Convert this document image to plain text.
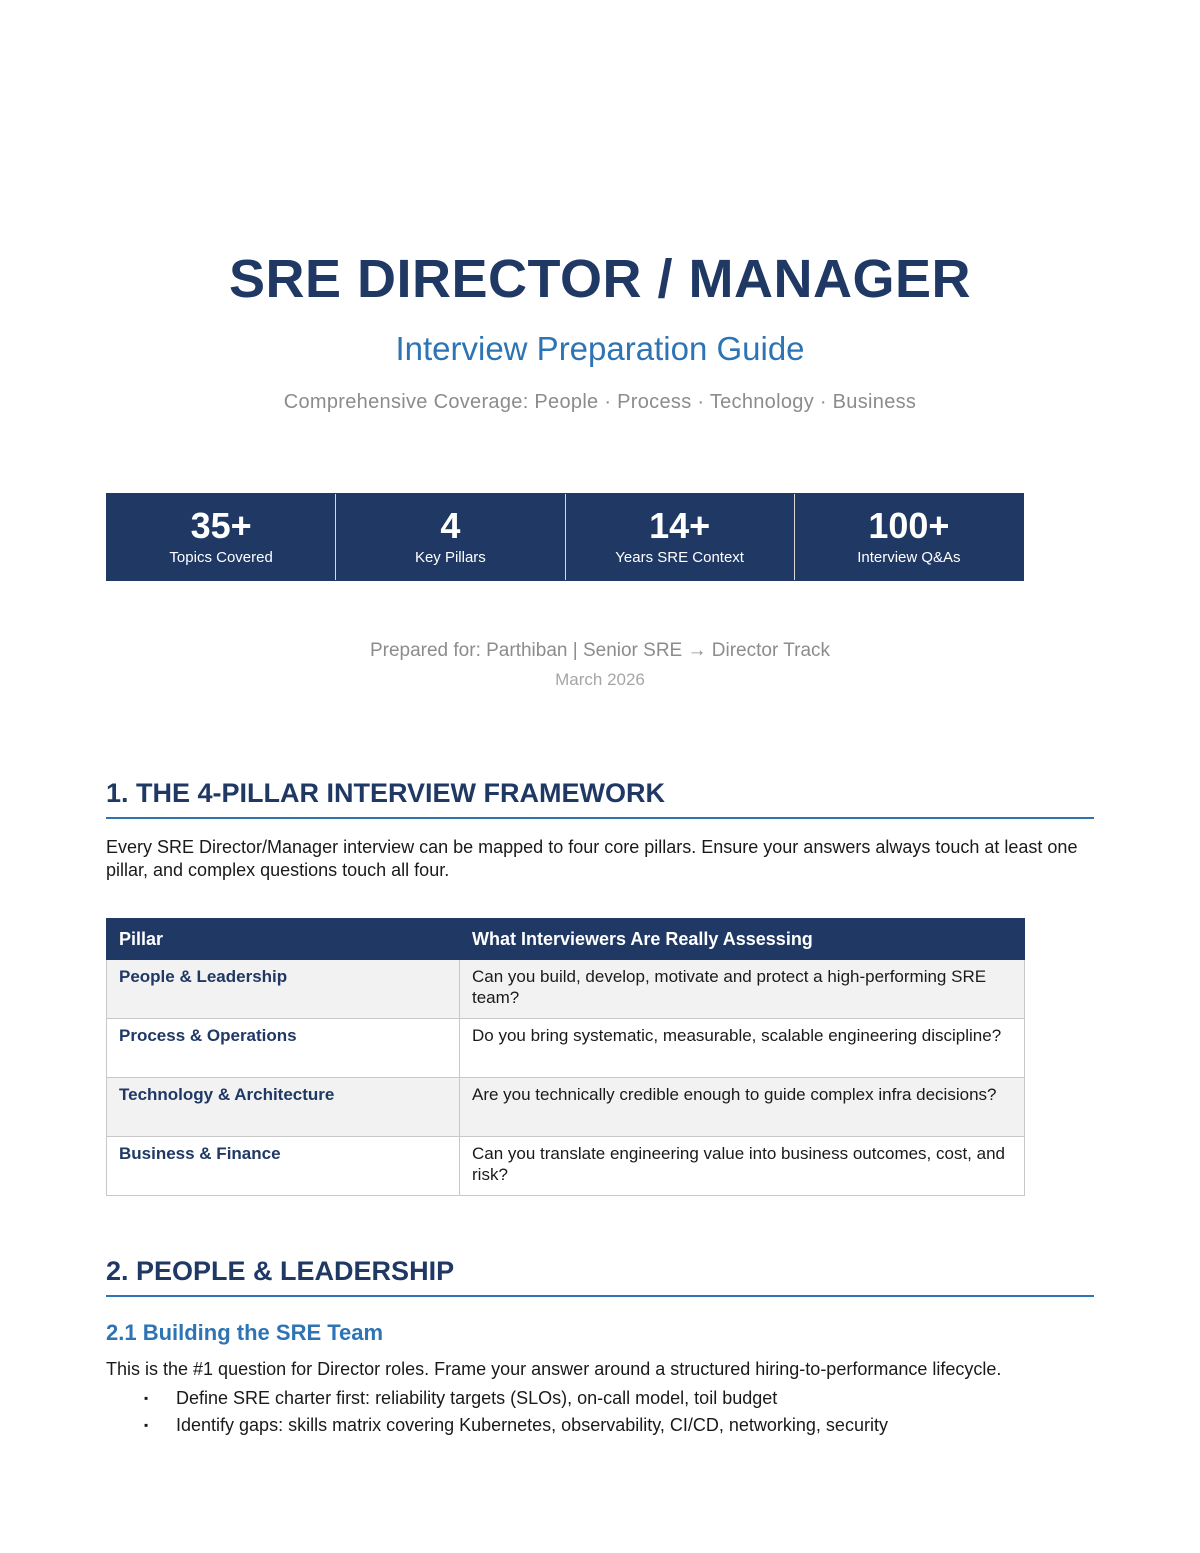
SRE DIRECTOR / MANAGER
Interview Preparation Guide
Comprehensive Coverage: People · Process · Technology · Business
35+
Topics Covered
4
Key Pillars
14+
Years SRE Context
100+
Interview Q&As
Prepared for: Parthiban | Senior SRE → Director Track
March 2026
1. THE 4-PILLAR INTERVIEW FRAMEWORK

Every SRE Director/Manager interview can be mapped to four core pillars. Ensure your answers always touch at least one pillar, and complex questions touch all four.

Pillar	What Interviewers Are Really Assessing
People & Leadership	Can you build, develop, motivate and protect a high-performing SRE team?
Process & Operations	Do you bring systematic, measurable, scalable engineering discipline?
Technology & Architecture	Are you technically credible enough to guide complex infra decisions?
Business & Finance	Can you translate engineering value into business outcomes, cost, and risk?
2. PEOPLE & LEADERSHIP
2.1 Building the SRE Team

This is the #1 question for Director roles. Frame your answer around a structured hiring-to-performance lifecycle.

▪ Define SRE charter first: reliability targets (SLOs), on-call model, toil budget
▪ Identify gaps: skills matrix covering Kubernetes, observability, CI/CD, networking, security
